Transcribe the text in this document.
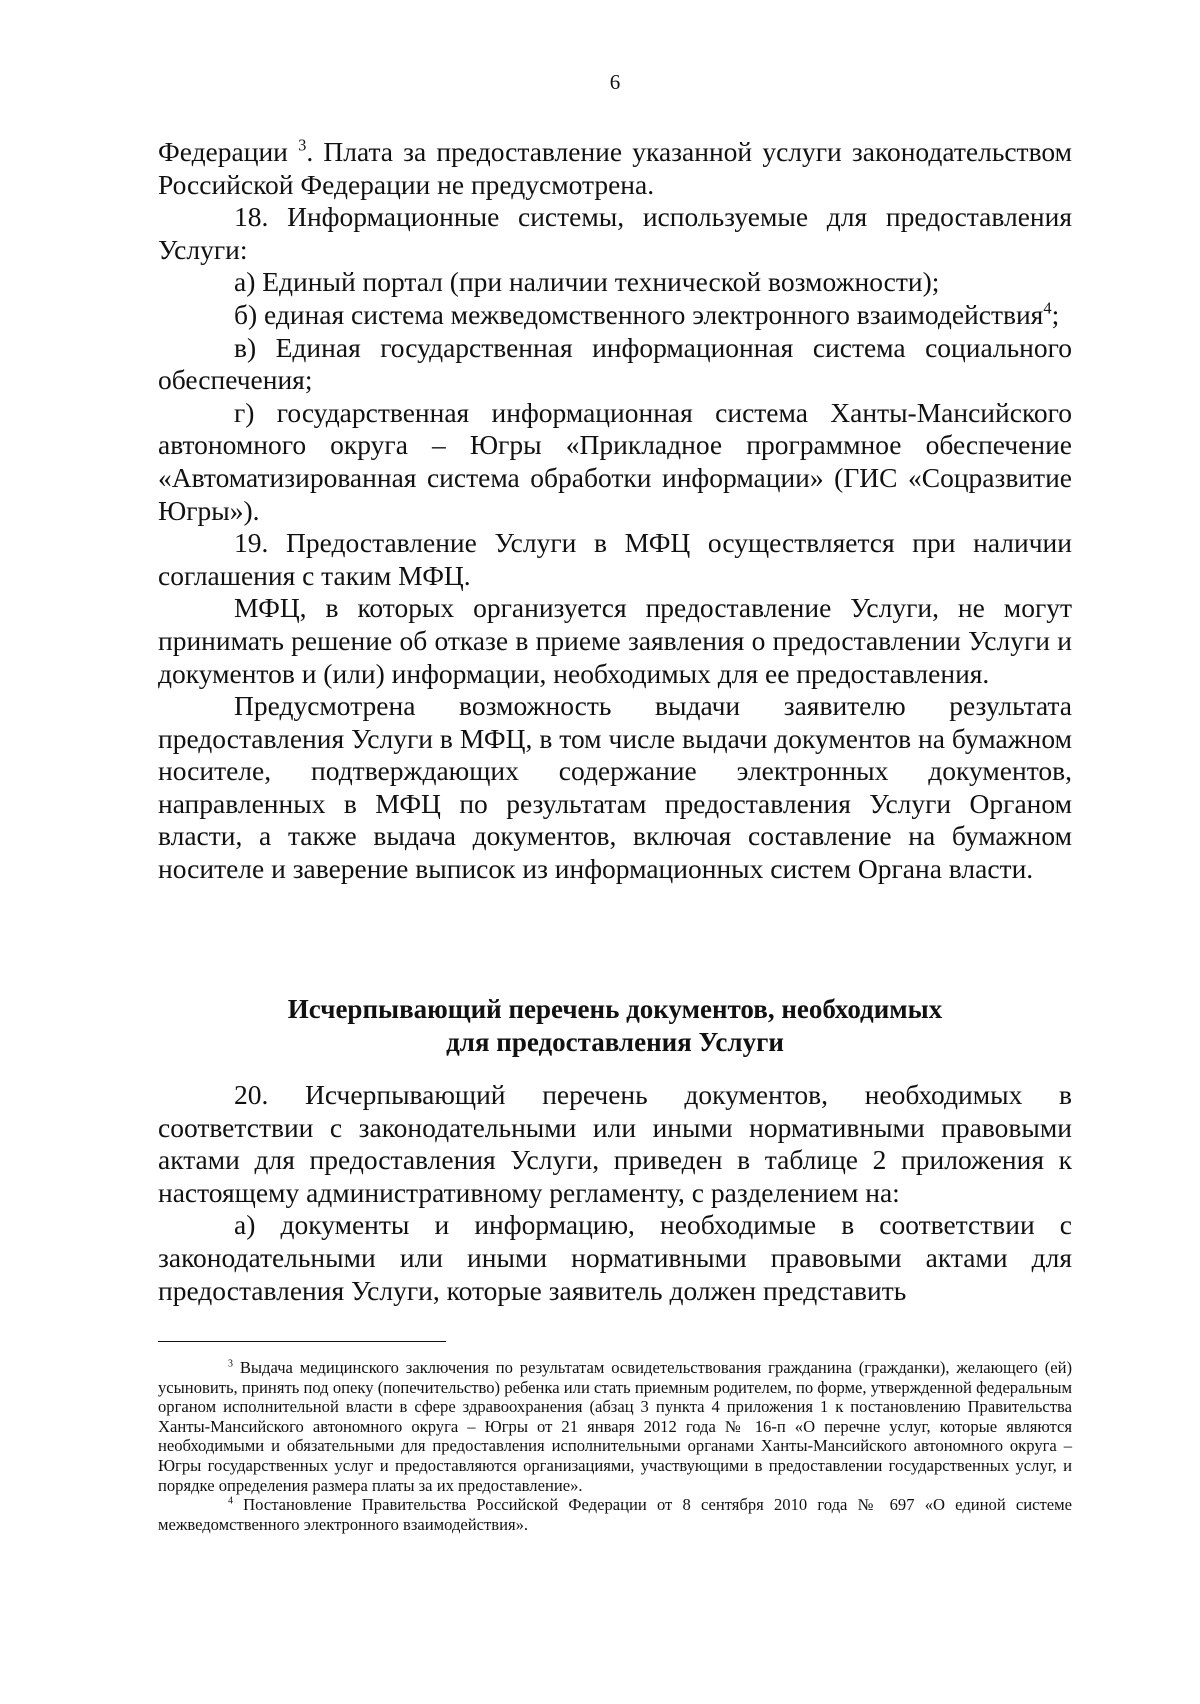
6

Федерации $^3$. Плата за предоставление указанной услуги законодательством Российской Федерации не предусмотрена.

18. Информационные системы, используемые для предоставления Услуги:

а) Единый портал (при наличии технической возможности);

б) единая система межведомственного электронного взаимодействия$^4$;

в) Единая государственная информационная система социального обеспечения;

г) государственная информационная система Ханты-Мансийского автономного округа – Югры «Прикладное программное обеспечение «Автоматизированная система обработки информации» (ГИС «Соцразвитие Югры»).

19. Предоставление Услуги в МФЦ осуществляется при наличии соглашения с таким МФЦ.

МФЦ, в которых организуется предоставление Услуги, не могут принимать решение об отказе в приеме заявления о предоставлении Услуги и документов и (или) информации, необходимых для ее предоставления.

Предусмотрена возможность выдачи заявителю результата предоставления Услуги в МФЦ, в том числе выдачи документов на бумажном носителе, подтверждающих содержание электронных документов, направленных в МФЦ по результатам предоставления Услуги Органом власти, а также выдача документов, включая составление на бумажном носителе и заверение выписок из информационных систем Органа власти.

Исчерпывающий перечень документов, необходимых
для предоставления Услуги

20. Исчерпывающий перечень документов, необходимых в соответствии с законодательными или иными нормативными правовыми актами для предоставления Услуги, приведен в таблице 2 приложения к настоящему административному регламенту, с разделением на:

а) документы и информацию, необходимые в соответствии с законодательными или иными нормативными правовыми актами для предоставления Услуги, которые заявитель должен представить

$^3$ Выдача медицинского заключения по результатам освидетельствования гражданина (гражданки), желающего (ей) усыновить, принять под опеку (попечительство) ребенка или стать приемным родителем, по форме, утвержденной федеральным органом исполнительной власти в сфере здравоохранения (абзац 3 пункта 4 приложения 1 к постановлению Правительства Ханты-Мансийского автономного округа – Югры от 21 января 2012 года № 16-п «О перечне услуг, которые являются необходимыми и обязательными для предоставления исполнительными органами Ханты-Мансийского автономного округа – Югры государственных услуг и предоставляются организациями, участвующими в предоставлении государственных услуг, и порядке определения размера платы за их предоставление».

$^4$ Постановление Правительства Российской Федерации от 8 сентября 2010 года № 697 «О единой системе межведомственного электронного взаимодействия».
